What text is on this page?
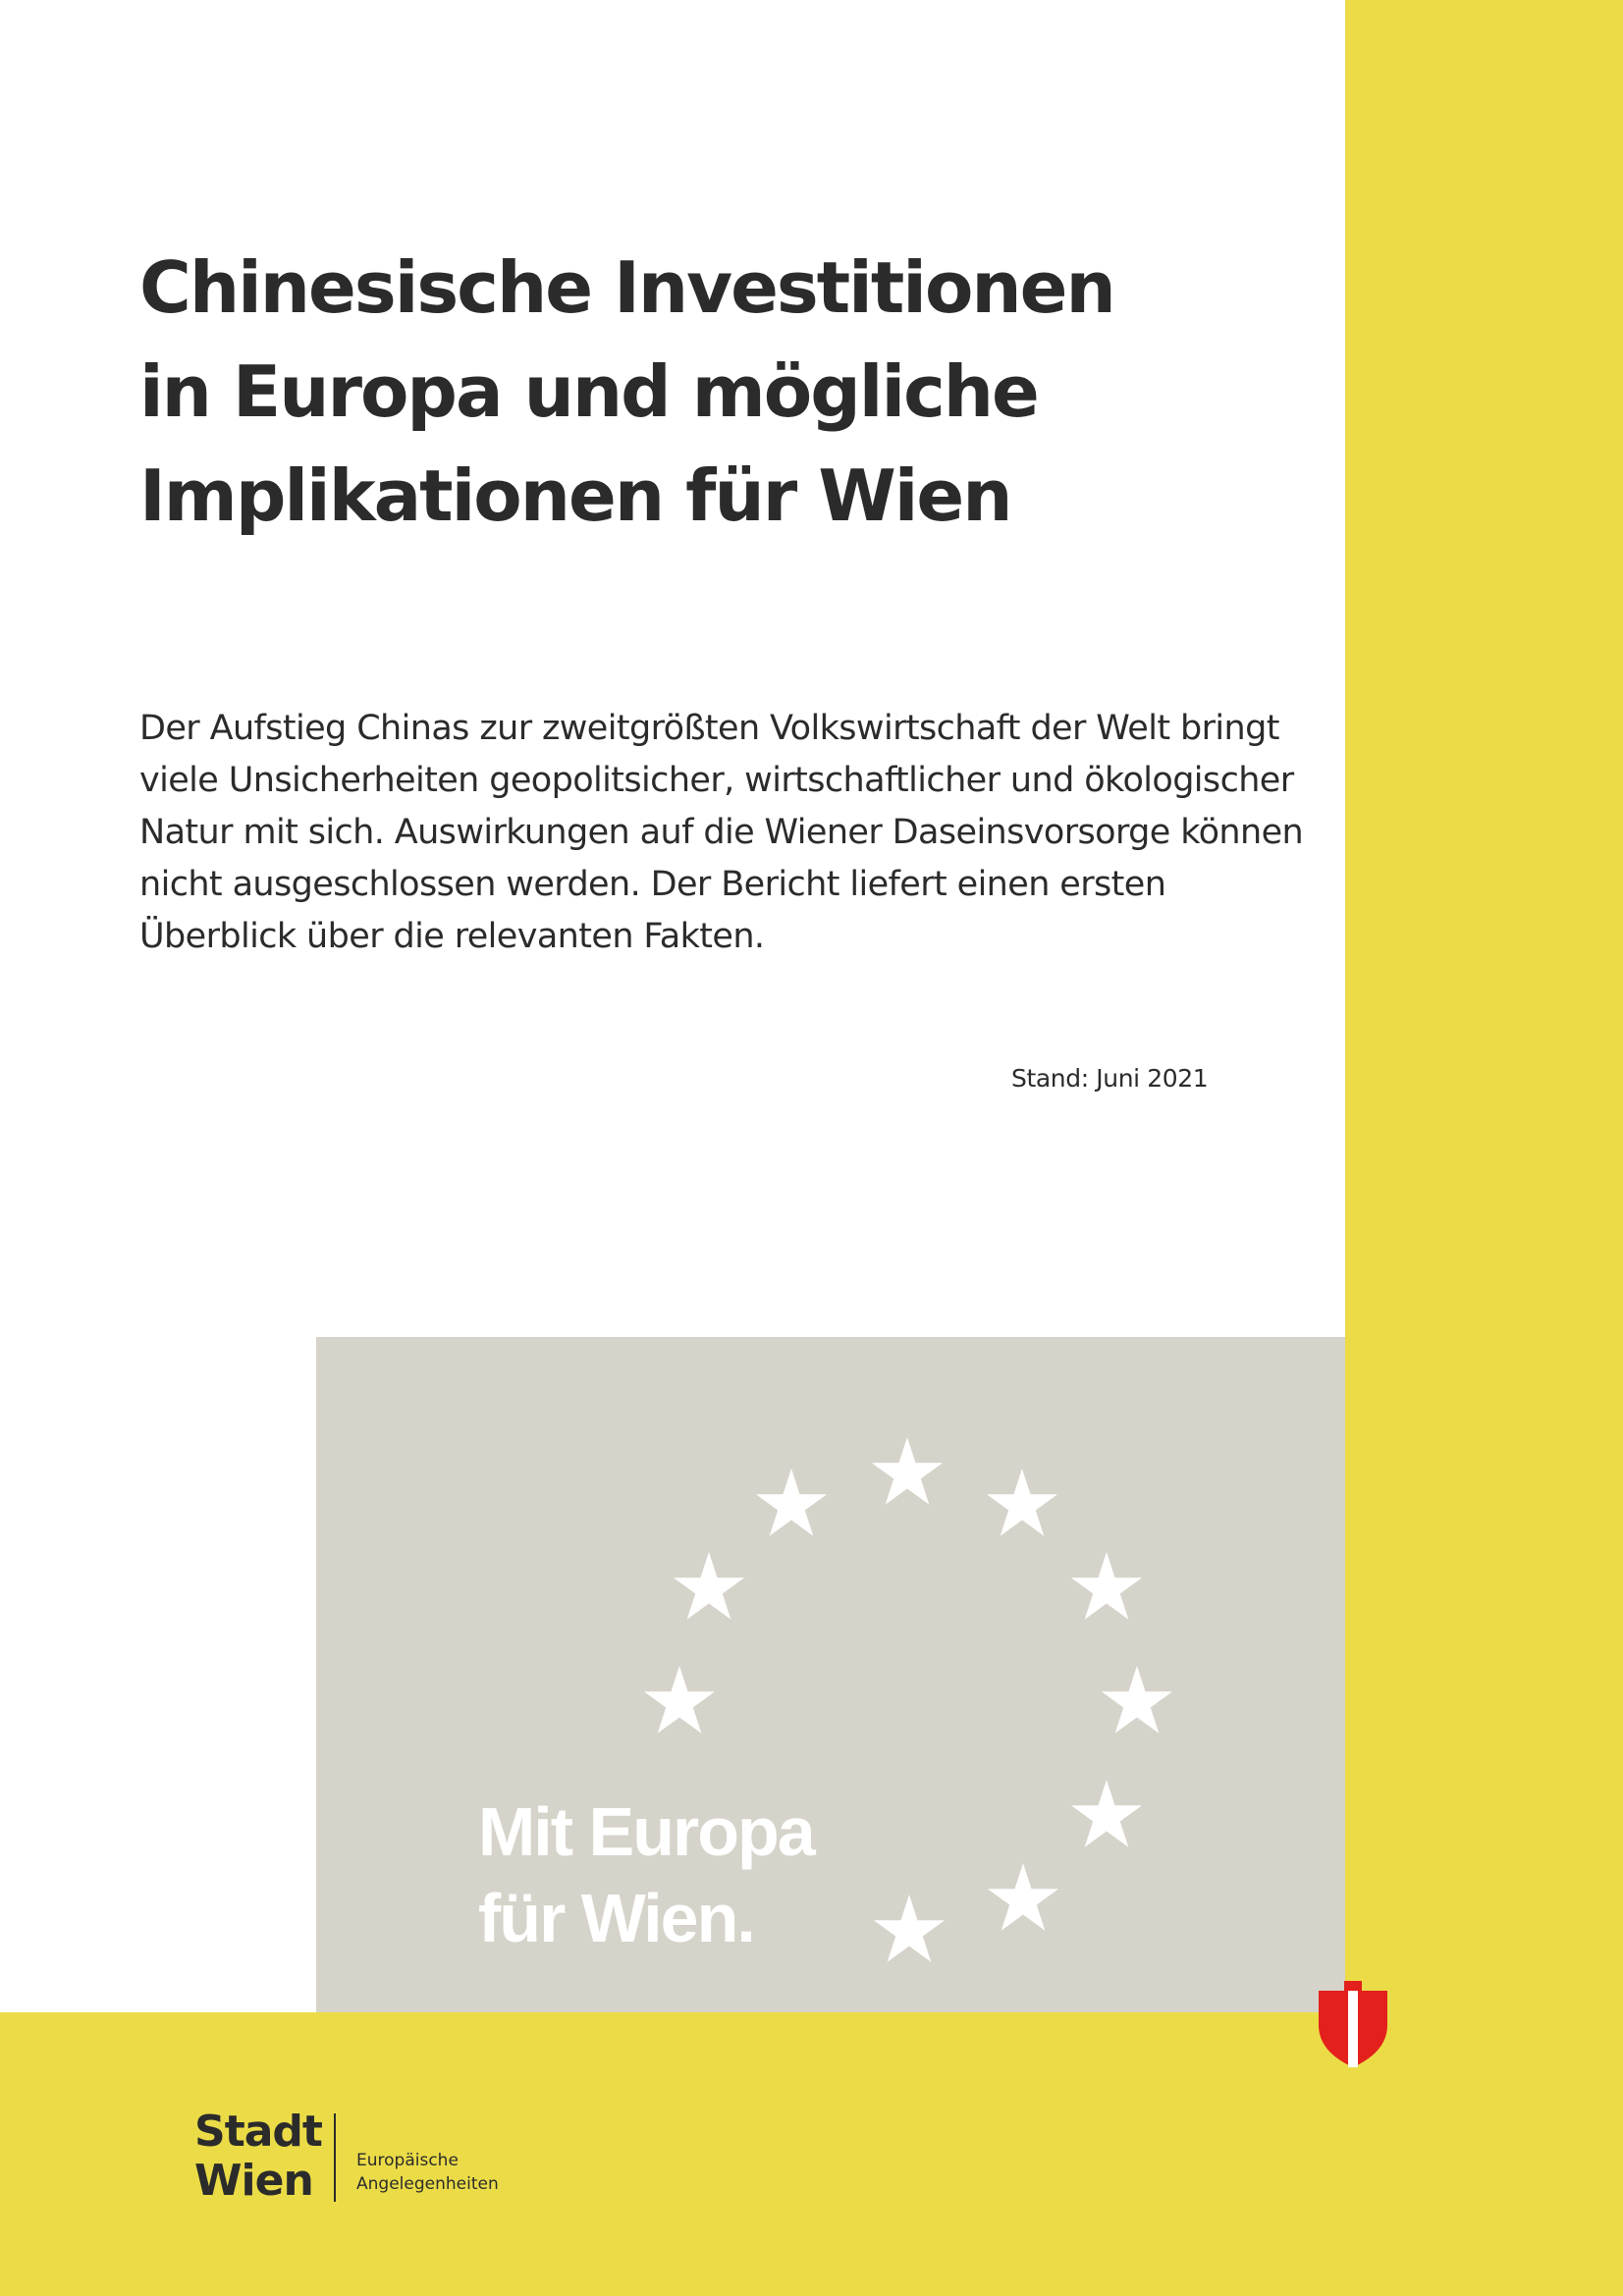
Chinesische Investitionen
in Europa und mögliche
Implikationen für Wien

Der Aufstieg Chinas zur zweitgrößten Volkswirtschaft der Welt bringt
viele Unsicherheiten geopolitsicher, wirtschaftlicher und ökologischer
Natur mit sich. Auswirkungen auf die Wiener Daseinsvorsorge können
nicht ausgeschlossen werden. Der Bericht liefert einen ersten
Überblick über die relevanten Fakten.

Stand: Juni 2021

Mit Europa
für Wien.

Stadt
Wien	Europäische
Angelegenheiten
